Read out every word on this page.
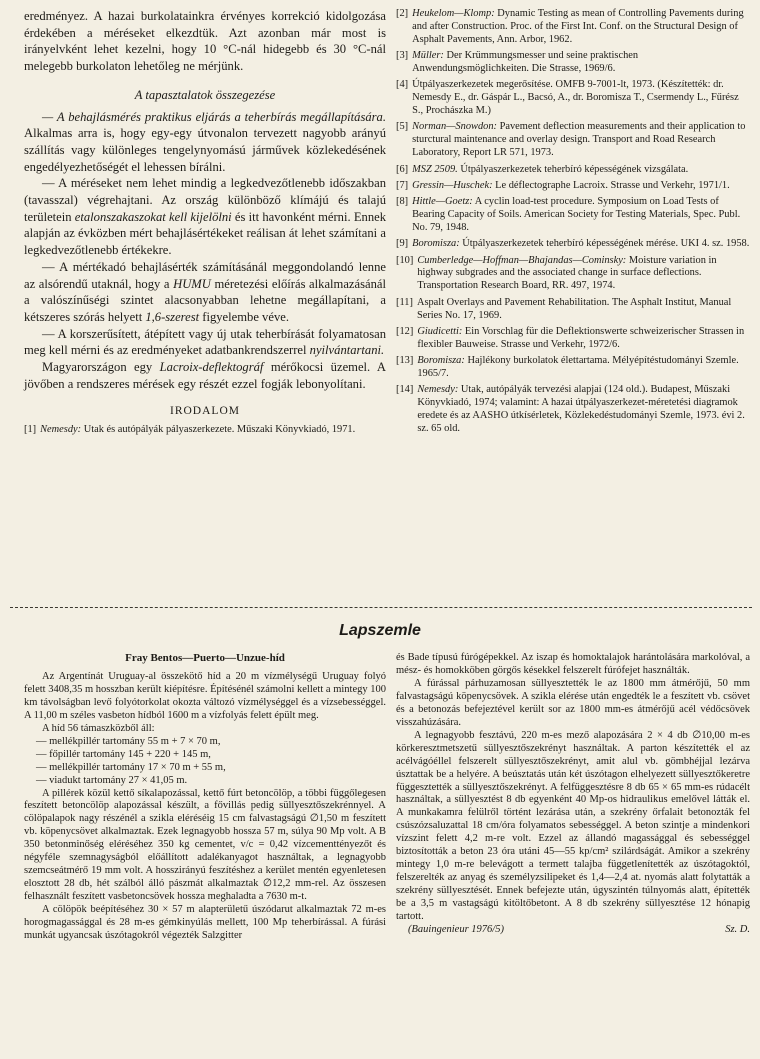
eredményez. A hazai burkolatainkra érvényes korrekció kidolgozása érdekében a méréseket elkezdtük. Azt azonban már most is irányelvként lehet kezelni, hogy 10 °C-nál hidegebb és 30 °C-nál melegebb burkolaton lehetőleg ne mérjünk.

A tapasztalatok összegezése

— A behajlásmérés praktikus eljárás a teherbírás megállapítására. Alkalmas arra is, hogy egy-egy útvonalon tervezett nagyobb arányú szállítás vagy különleges tengelynyomású járművek közlekedésének engedélyezhetőségét el lehessen bírálni.

— A méréseket nem lehet mindig a legkedvezőtlenebb időszakban (tavasszal) végrehajtani. Az ország különböző klímájú és talajú területein etalonszakaszokat kell kijelölni és itt havonként mérni. Ennek alapján az évközben mért behajlásértékeket reálisan át lehet számítani a legkedvezőtlenebb értékekre.

— A mértékadó behajlásérték számításánál meggondolandó lenne az alsórendű utaknál, hogy a HUMU méretezési előírás alkalmazásánál a valószínűségi szintet alacsonyabban lehetne megállapítani, a kétszeres szórás helyett 1,6-szerest figyelembe véve.

— A korszerűsített, átépített vagy új utak teherbírását folyamatosan meg kell mérni és az eredményeket adatbankrendszerrel nyilvántartani.

Magyarországon egy Lacroix-deflektográf mérőkocsi üzemel. A jövőben a rendszeres mérések egy részét ezzel fogják lebonyolítani.

IRODALOM

[1] Nemesdy: Utak és autópályák pályaszerkezete. Műszaki Könyvkiadó, 1971.
[2] Heukelom—Klomp: Dynamic Testing as mean of Controlling Pavements during and after Construction. Proc. of the First Int. Conf. on the Structural Design of Asphalt Pavements, Ann. Arbor, 1962.
[3] Müller: Der Krümmungsmesser und seine praktischen Anwendungsmöglichkeiten. Die Strasse, 1969/6.
[4] Útpályaszerkezetek megerősítése. OMFB 9-7001-lt, 1973. (Készítették: dr. Nemesdy E., dr. Gáspár L., Bacsó, A., dr. Boromisza T., Csermendy L., Fűrész S., Prochászka M.)
[5] Norman—Snowdon: Pavement deflection measurements and their application to sturctural maintenance and overlay design. Transport and Road Research Laboratory, Report LR 571, 1973.
[6] MSZ 2509. Útpályaszerkezetek teherbíró képességének vizsgálata.
[7] Gressin—Huschek: Le déflectographe Lacroix. Strasse und Verkehr, 1971/1.
[8] Hittle—Goetz: A cyclin load-test procedure. Symposium on Load Tests of Bearing Capacity of Soils. American Society for Testing Materials, Spec. Publ. No. 79, 1948.
[9] Boromisza: Útpályaszerkezetek teherbíró képességének mérése. UKI 4. sz. 1958.
[10] Cumberledge—Hoffman—Bhajandas—Cominsky: Moisture variation in highway subgrades and the associated change in surface deflections. Transportation Research Board, RR. 497, 1974.
[11] Aspalt Overlays and Pavement Rehabilitation. The Asphalt Institut, Manual Series No. 17, 1969.
[12] Giudicetti: Ein Vorschlag für die Deflektionswerte schweizerischer Strassen in flexibler Bauweise. Strasse und Verkehr, 1972/6.
[13] Boromisza: Hajlékony burkolatok élettartama. Mélyépítéstudományi Szemle. 1965/7.
[14] Nemesdy: Utak, autópályák tervezési alapjai (124 old.). Budapest, Műszaki Könyvkiadó, 1974; valamint: A hazai útpályaszerkezet-méretetési diagramok eredete és az AASHO útkísérletek, Közlekedéstudományi Szemle, 1973. évi 2. sz. 65 old.
Lapszemle

Fray Bentos—Puerto—Unzue-híd

Az Argentínát Uruguay-al összekötő híd a 20 m vízmélységű Uruguay folyó felett 3408,35 m hosszban került kiépítésre. Építésénél számolni kellett a mintegy 100 km távolságban levő folyótorkolat okozta változó vízmélységgel és a vízsebességgel. A 11,00 m széles vasbeton hídból 1600 m a vízfolyás felett épült meg.

A híd 56 támaszközből áll:

— mellékpillér tartomány 55 m + 7 × 70 m,
— főpillér tartomány 145 + 220 + 145 m,
— mellékpillér tartomány 17 × 70 m + 55 m,
— viadukt tartomány 27 × 41,05 m.

A pillérek közül kettő síkalapozással, kettő fúrt betoncölöp, a többi függőlegesen feszített betoncölöp alapozással készült, a fővillás pedig süllyesztőszekrénnyel. A cölöpalapok nagy részénél a szikla eléréséig 15 cm falvastagságú ∅1,50 m feszített vb. köpenycsövet alkalmaztak. Ezek legnagyobb hossza 57 m, súlya 90 Mp volt. A B 350 betonminőség eléréséhez 350 kg cementet, v/c = 0,42 vízcementtényezőt és négyféle szemnagyságból előállított adalékanyagot használtak, a legnagyobb szemcseátmérő 19 mm volt. A hosszirányú feszítéshez a kerület mentén egyenletesen elosztott 28 db, hét szálból álló pászmát alkalmaztak ∅12,2 mm-rel. Az összesen felhasznált feszített vasbetoncsövek hossza meghaladta a 7630 m-t.

A cölöpök beépítéséhez 30 × 57 m alapterületű úszódarut alkalmaztak 72 m-es horogmagassággal és 28 m-es gémkinyúlás mellett, 100 Mp teherbírással. A fúrási munkát ugyancsak úszótagokról végezték Salzgitter

és Bade típusú fúrógépekkel. Az iszap és homoktalajok harántolására markolóval, a mész- és homokköben görgős késekkel felszerelt fúrófejet használták.

A fúrással párhuzamosan süllyesztették le az 1800 mm átmérőjű, 50 mm falvastagságú köpenycsövek. A szikla elérése után engedték le a feszített vb. csövet és a betonozás befejeztével került sor az 1800 mm-es átmérőjű acél védőcsövek visszahúzására.

A legnagyobb fesztávú, 220 m-es mező alapozására 2 × 4 db ∅10,00 m-es körkeresztmetszetű süllyesztőszekrényt használtak. A parton készítették el az acélvágóéllel felszerelt süllyesztőszekrényt, amit alul vb. gömbhéjjal lezárva úsztattak be a helyére. A beúsztatás után két úszótagon elhelyezett süllyesztőkeretre függesztették a süllyesztőszekrényt. A felfüggesztésre 8 db 65 × 65 mm-es rúdacélt használtak, a süllyesztést 8 db egyenként 40 Mp-os hidraulikus emelővel látták el. A munkakamra felülről történt lezárása után, a szekrény őrfalait betonozták fel csúszózsaluzattal 18 cm/óra folyamatos sebességgel. A beton szintje a mindenkori vízszint felett 4,2 m-re volt. Ezzel az állandó magassággal és sebességgel biztosították a beton 23 óra utáni 45—55 kp/cm² szilárdságát. Amikor a szekrény mintegy 1,0 m-re belevágott a termett talajba függetlenítették az úszótagoktól, felszerelték az anyag és személyzsilipeket és 1,4—2,4 at. nyomás alatt folytatták a szekrény süllyesztését. Ennek befejezte után, úgyszintén túlnyomás alatt, építették be a 3,5 m vastagságú kitöltőbetont. A 8 db szekrény süllyesztése 12 hónapig tartott.

(Bauingenieur 1976/5)	Sz. D.
